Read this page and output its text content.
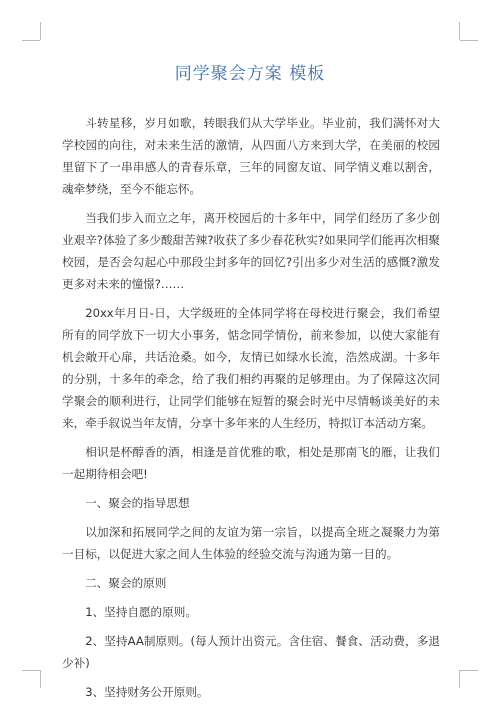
同学聚会方案 模板

斗转星移，岁月如歌，转眼我们从大学毕业。毕业前，我们满怀对大学校园的向往，对未来生活的激情，从四面八方来到大学，在美丽的校园里留下了一串串感人的青春乐章，三年的同窗友谊、同学情义难以割舍，魂牵梦绕，至今不能忘怀。

当我们步入而立之年，离开校园后的十多年中，同学们经历了多少创业艰辛?体验了多少酸甜苦辣?收获了多少春花秋实?如果同学们能再次相聚校园，是否会勾起心中那段尘封多年的回忆?引出多少对生活的感慨?激发更多对未来的憧憬?……

20xx年月日-日，大学级班的全体同学将在母校进行聚会，我们希望所有的同学放下一切大小事务，惦念同学情份，前来参加，以使大家能有机会敞开心扉，共话沧桑。如今，友情已如绿水长流，浩然成湖。十多年的分别，十多年的牵念，给了我们相约再聚的足够理由。为了保障这次同学聚会的顺利进行，让同学们能够在短暂的聚会时光中尽情畅谈美好的未来，牵手叙说当年友情，分享十多年来的人生经历，特拟订本活动方案。

相识是杯醇香的酒，相逢是首优雅的歌，相处是那南飞的雁，让我们一起期待相会吧!

一、聚会的指导思想

以加深和拓展同学之间的友谊为第一宗旨，以提高全班之凝聚力为第一目标，以促进大家之间人生体验的经验交流与沟通为第一目的。

二、聚会的原则

1、坚持自愿的原则。

2、坚持AA制原则。(每人预计出资元。含住宿、餐食、活动费，多退少补)

3、坚持财务公开原则。
